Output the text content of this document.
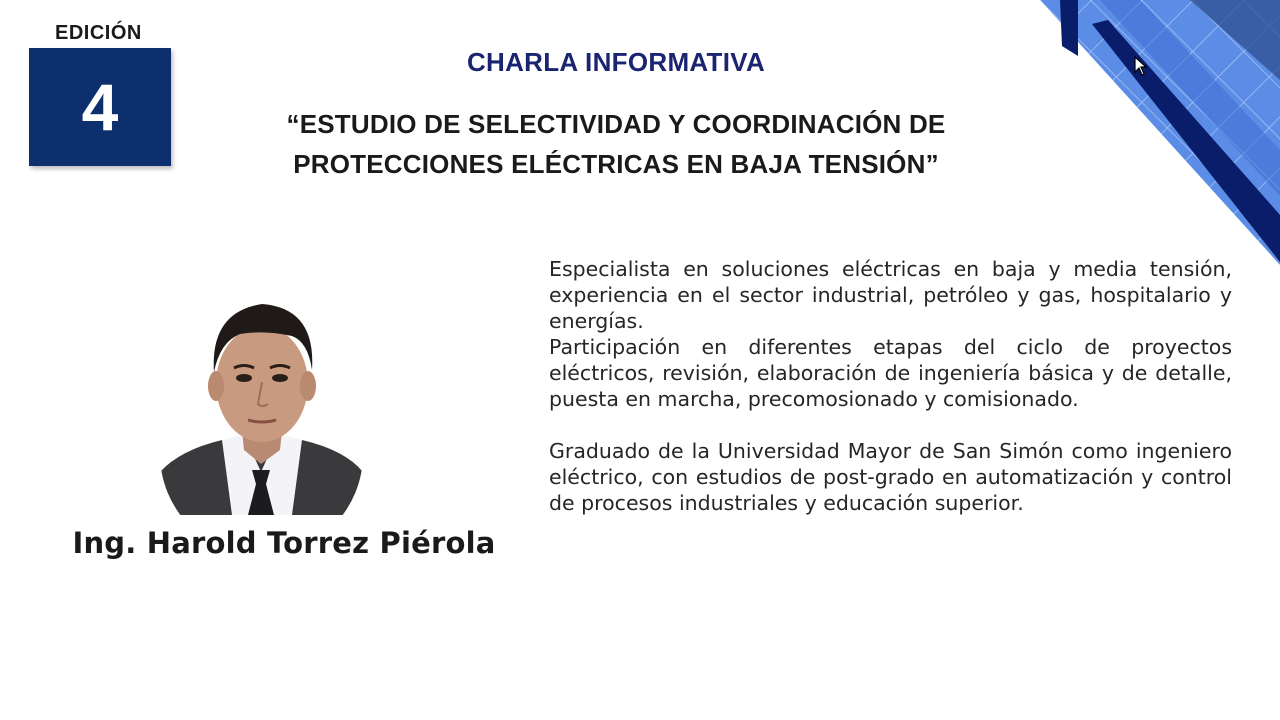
EDICIÓN
4
CHARLA INFORMATIVA
“ESTUDIO DE SELECTIVIDAD Y COORDINACIÓN DE
PROTECCIONES ELÉCTRICAS EN BAJA TENSIÓN”
Ing. Harold Torrez Piérola

Especialista en soluciones eléctricas en baja y media tensión, experiencia en el sector industrial, petróleo y gas, hospitalario y energías.

Participación en diferentes etapas del ciclo de proyectos eléctricos, revisión, elaboración de ingeniería básica y de detalle, puesta en marcha, precomosionado y comisionado.

Graduado de la Universidad Mayor de San Simón como ingeniero eléctrico, con estudios de post-grado en automatización y control de procesos industriales y educación superior.
